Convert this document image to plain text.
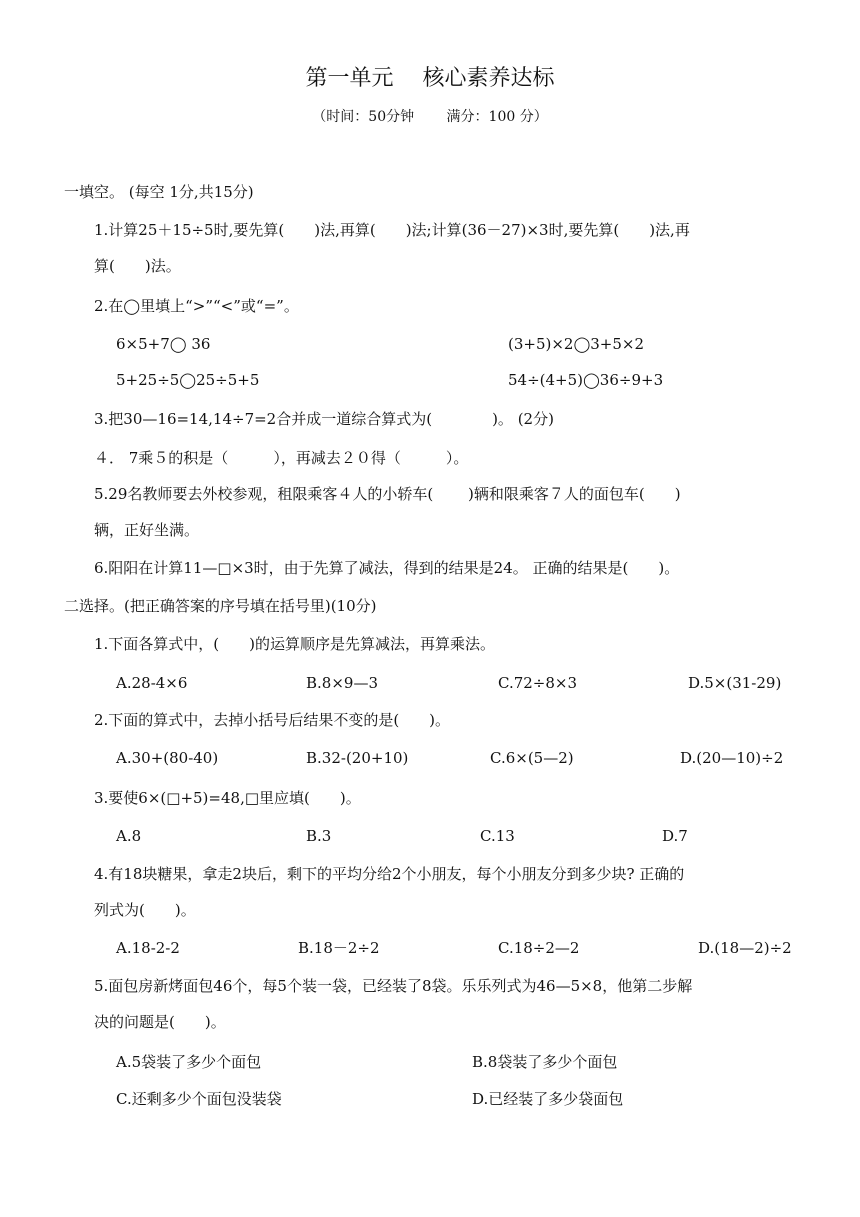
第一单元　 核心素养达标
（时间：50分钟　　 满分：100 分）
一填空。 (每空 1分,共15分)
1.计算25＋15÷5时,要先算(　　)法,再算(　　)法;计算(36－27)×3时,要先算(　　)法,再
算(　　)法。
2.在◯里填上“>”“<”或“=”。
6×5+7◯ 36	(3+5)×2◯3+5×2
5+25÷5◯25÷5+5	54÷(4+5)◯36÷9+3
3.把30—16=14,14÷7=2合并成一道综合算式为(　　　　)。 (2分)
４． 7乘５的积是（　　　），再减去２０得（　　　）。
5.29名教师要去外校参观，租限乘客４人的小轿车(　　 )辆和限乘客７人的面包车(　　)
辆，正好坐满。
6.阳阳在计算11—□×3时，由于先算了减法，得到的结果是24。 正确的结果是(　　)。
二选择。(把正确答案的序号填在括号里)(10分)
1.下面各算式中，(　　)的运算顺序是先算减法，再算乘法。
A.28-4×6	B.8×9—3	C.72÷8×3	D.5×(31-29)
2.下面的算式中，去掉小括号后结果不变的是(　　)。
A.30+(80-40)	B.32-(20+10)	C.6×(5—2)	D.(20—10)÷2
3.要使6×(□+5)=48,□里应填(　　)。
A.8	B.3	C.13	D.7
4.有18块糖果，拿走2块后，剩下的平均分给2个小朋友，每个小朋友分到多少块? 正确的
列式为(　　)。
A.18-2-2	B.18－2÷2	C.18÷2—2	D.(18—2)÷2
5.面包房新烤面包46个，每5个装一袋，已经装了8袋。乐乐列式为46—5×8，他第二步解
决的问题是(　　)。
A.5袋装了多少个面包	B.8袋装了多少个面包
C.还剩多少个面包没装袋	D.已经装了多少袋面包
